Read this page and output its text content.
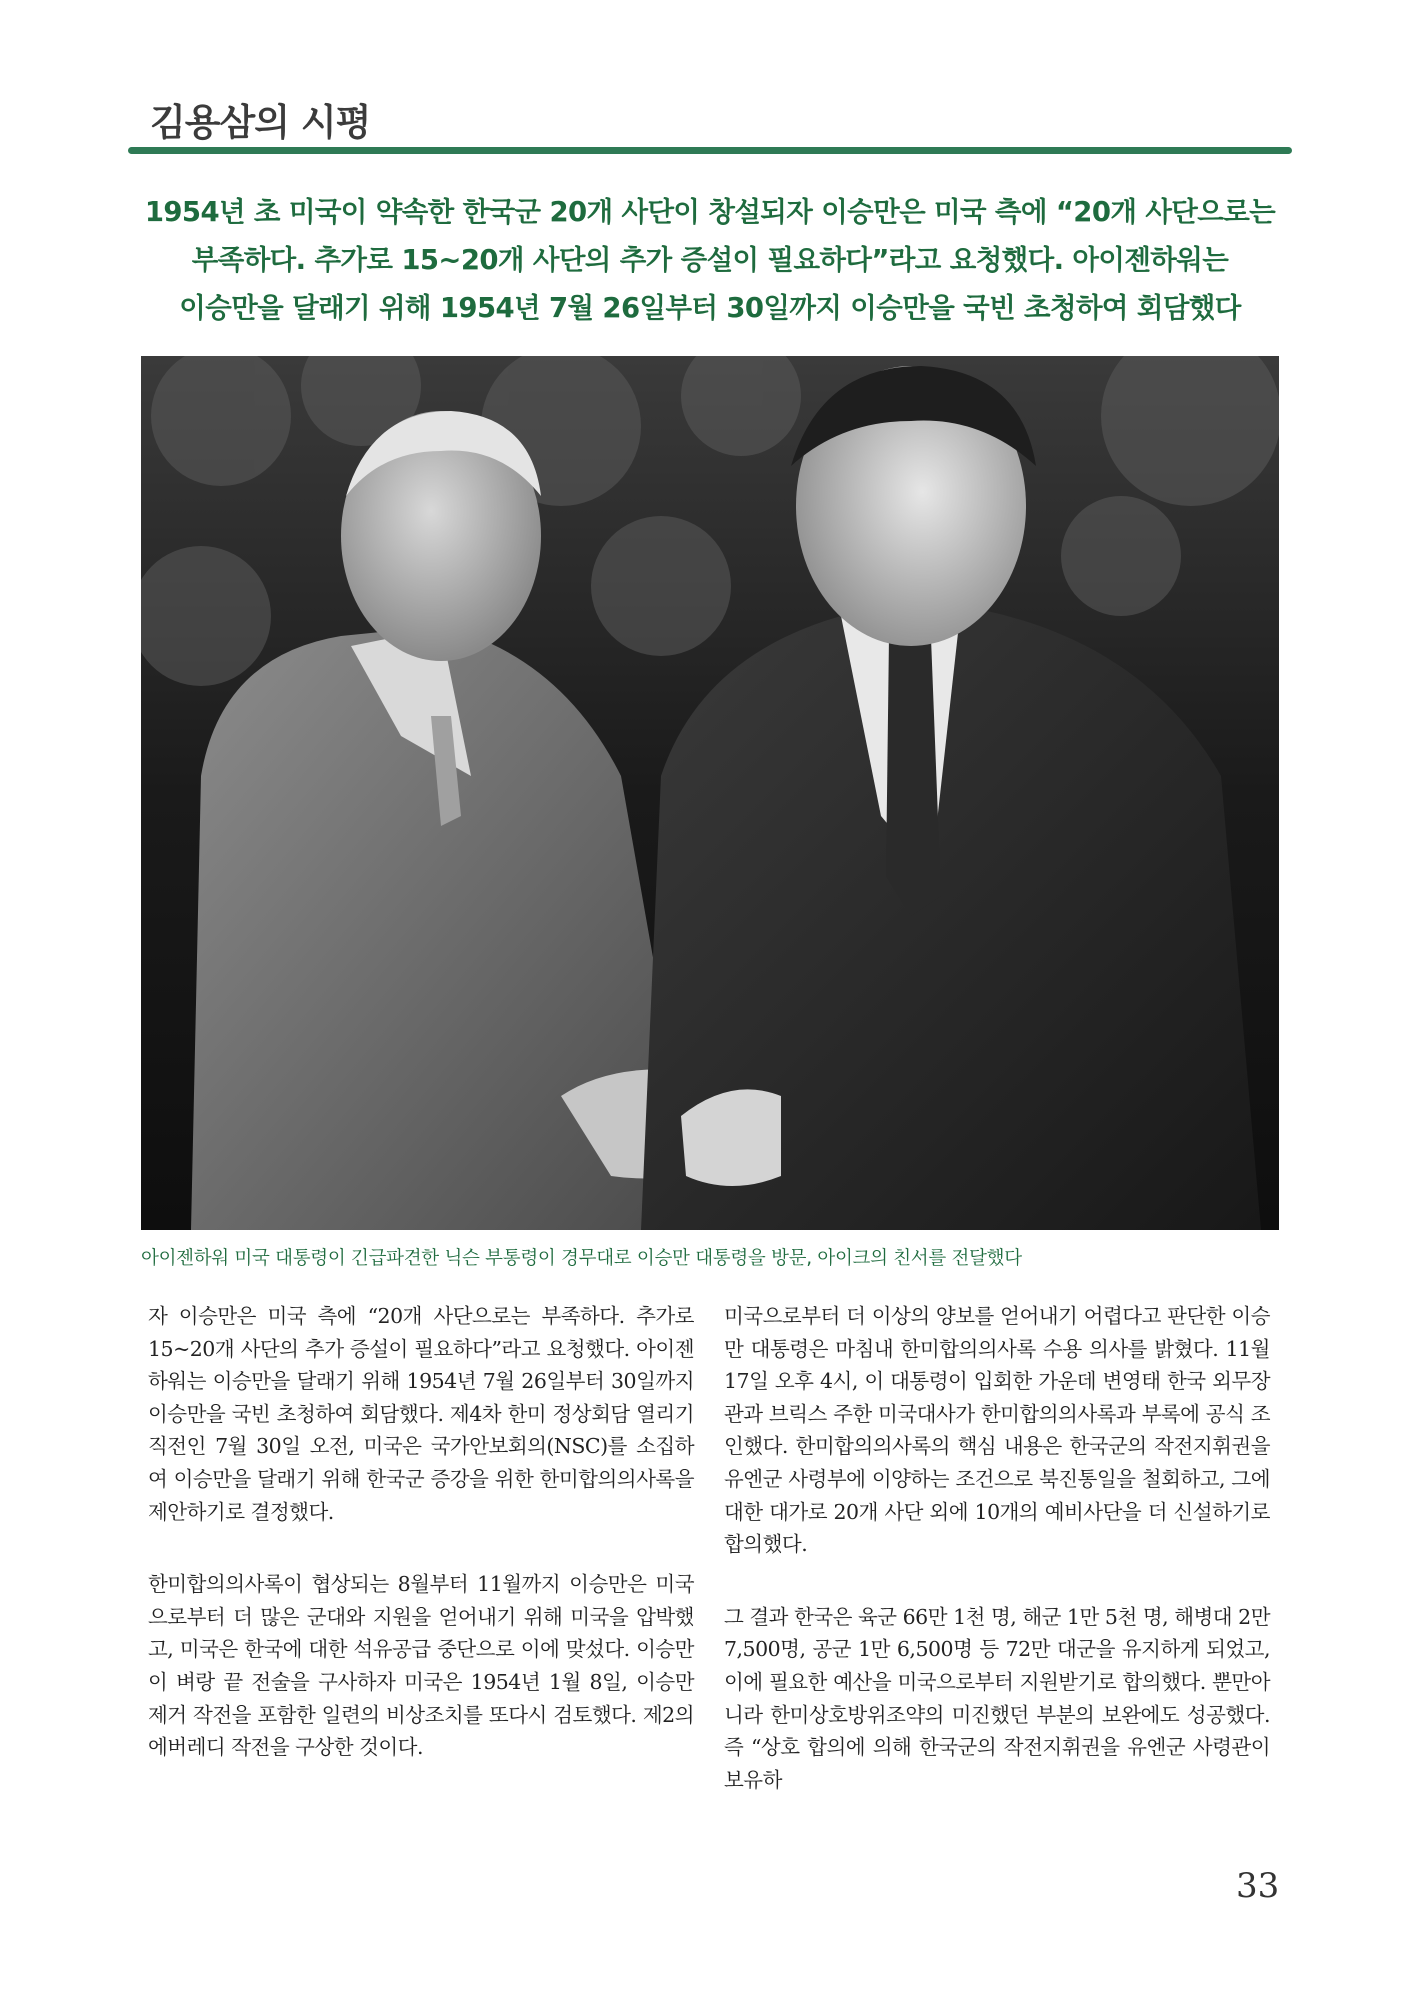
김용삼의 시평
1954년 초 미국이 약속한 한국군 20개 사단이 창설되자 이승만은 미국 측에 “20개 사단으로는
부족하다. 추가로 15~20개 사단의 추가 증설이 필요하다”라고 요청했다. 아이젠하워는
이승만을 달래기 위해 1954년 7월 26일부터 30일까지 이승만을 국빈 초청하여 회담했다

아이젠하워 미국 대통령이 긴급파견한 닉슨 부통령이 경무대로 이승만 대통령을 방문, 아이크의 친서를 전달했다

자 이승만은 미국 측에 “20개 사단으로는 부족하다. 추가로 15~20개 사단의 추가 증설이 필요하다”라고 요청했다. 아이젠하워는 이승만을 달래기 위해 1954년 7월 26일부터 30일까지 이승만을 국빈 초청하여 회담했다. 제4차 한미 정상회담 열리기 직전인 7월 30일 오전, 미국은 국가안보회의(NSC)를 소집하여 이승만을 달래기 위해 한국군 증강을 위한 한미합의의사록을 제안하기로 결정했다.

한미합의의사록이 협상되는 8월부터 11월까지 이승만은 미국으로부터 더 많은 군대와 지원을 얻어내기 위해 미국을 압박했고, 미국은 한국에 대한 석유공급 중단으로 이에 맞섰다. 이승만이 벼랑 끝 전술을 구사하자 미국은 1954년 1월 8일, 이승만 제거 작전을 포함한 일련의 비상조치를 또다시 검토했다. 제2의 에버레디 작전을 구상한 것이다.

미국으로부터 더 이상의 양보를 얻어내기 어렵다고 판단한 이승만 대통령은 마침내 한미합의의사록 수용 의사를 밝혔다. 11월 17일 오후 4시, 이 대통령이 입회한 가운데 변영태 한국 외무장관과 브릭스 주한 미국대사가 한미합의의사록과 부록에 공식 조인했다. 한미합의의사록의 핵심 내용은 한국군의 작전지휘권을 유엔군 사령부에 이양하는 조건으로 북진통일을 철회하고, 그에 대한 대가로 20개 사단 외에 10개의 예비사단을 더 신설하기로 합의했다.

그 결과 한국은 육군 66만 1천 명, 해군 1만 5천 명, 해병대 2만 7,500명, 공군 1만 6,500명 등 72만 대군을 유지하게 되었고, 이에 필요한 예산을 미국으로부터 지원받기로 합의했다. 뿐만아니라 한미상호방위조약의 미진했던 부분의 보완에도 성공했다. 즉 “상호 합의에 의해 한국군의 작전지휘권을 유엔군 사령관이 보유하

33
